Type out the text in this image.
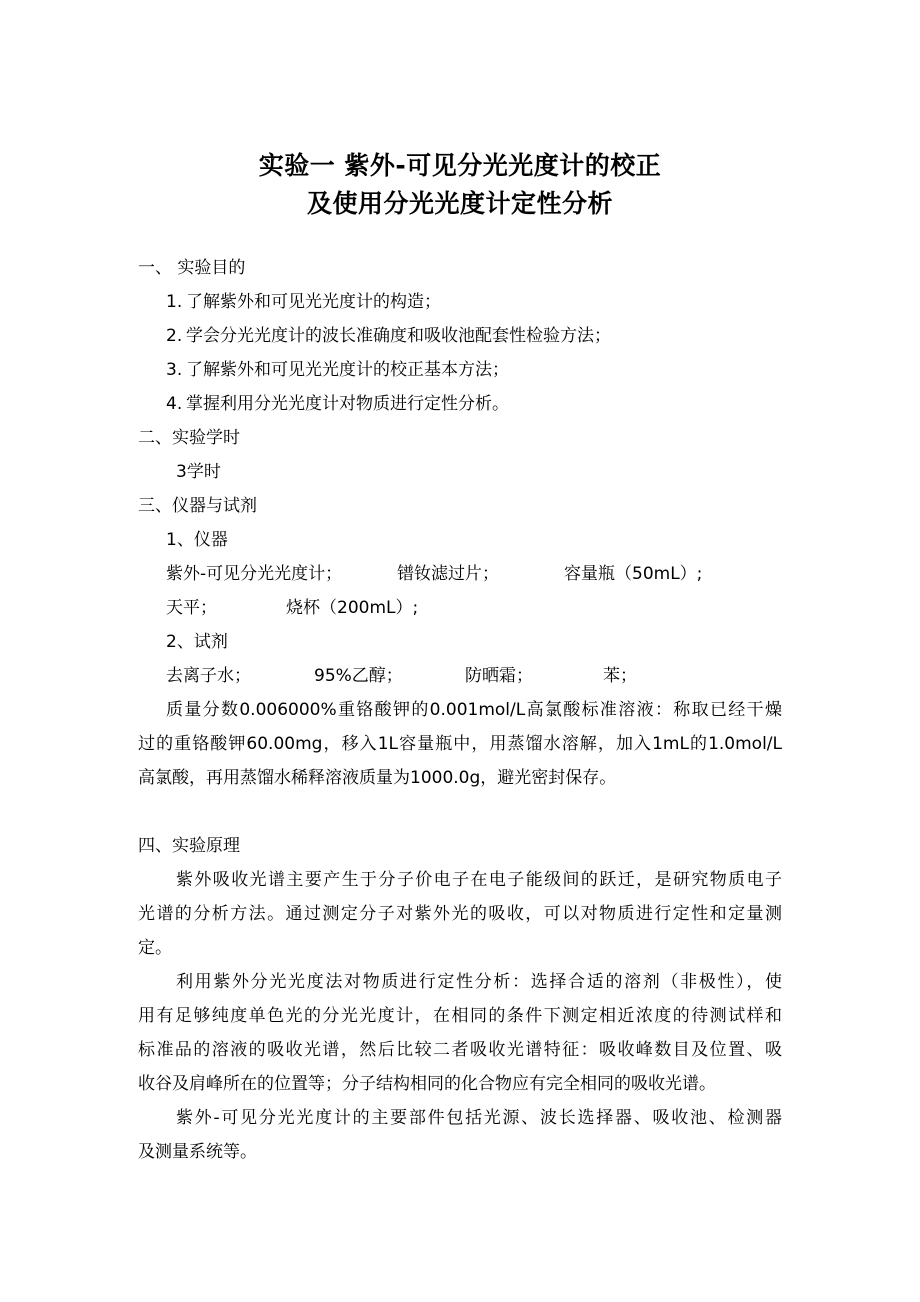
实验一 紫外-可见分光光度计的校正
及使用分光光度计定性分析
一、 实验目的
1. 了解紫外和可见光光度计的构造；
2. 学会分光光度计的波长准确度和吸收池配套性检验方法；
3. 了解紫外和可见光光度计的校正基本方法；
4. 掌握利用分光光度计对物质进行定性分析。
二、实验学时
3学时
三、仪器与试剂
1、仪器
紫外-可见分光光度计；	镨钕滤过片；	容量瓶（50mL）;
天平；	烧杯（200mL）;
2、试剂
去离子水；	95%乙醇；	防晒霜；	苯；
质量分数0.006000%重铬酸钾的0.001mol/L高氯酸标准溶液：称取已经干燥
过的重铬酸钾60.00mg，移入1L容量瓶中，用蒸馏水溶解，加入1mL的1.0mol/L
高氯酸，再用蒸馏水稀释溶液质量为1000.0g，避光密封保存。
四、实验原理
紫外吸收光谱主要产生于分子价电子在电子能级间的跃迁，是研究物质电子
光谱的分析方法。通过测定分子对紫外光的吸收，可以对物质进行定性和定量测
定。
利用紫外分光光度法对物质进行定性分析：选择合适的溶剂（非极性），使
用有足够纯度单色光的分光光度计，在相同的条件下测定相近浓度的待测试样和
标准品的溶液的吸收光谱，然后比较二者吸收光谱特征：吸收峰数目及位置、吸
收谷及肩峰所在的位置等；分子结构相同的化合物应有完全相同的吸收光谱。
紫外-可见分光光度计的主要部件包括光源、波长选择器、吸收池、检测器
及测量系统等。
